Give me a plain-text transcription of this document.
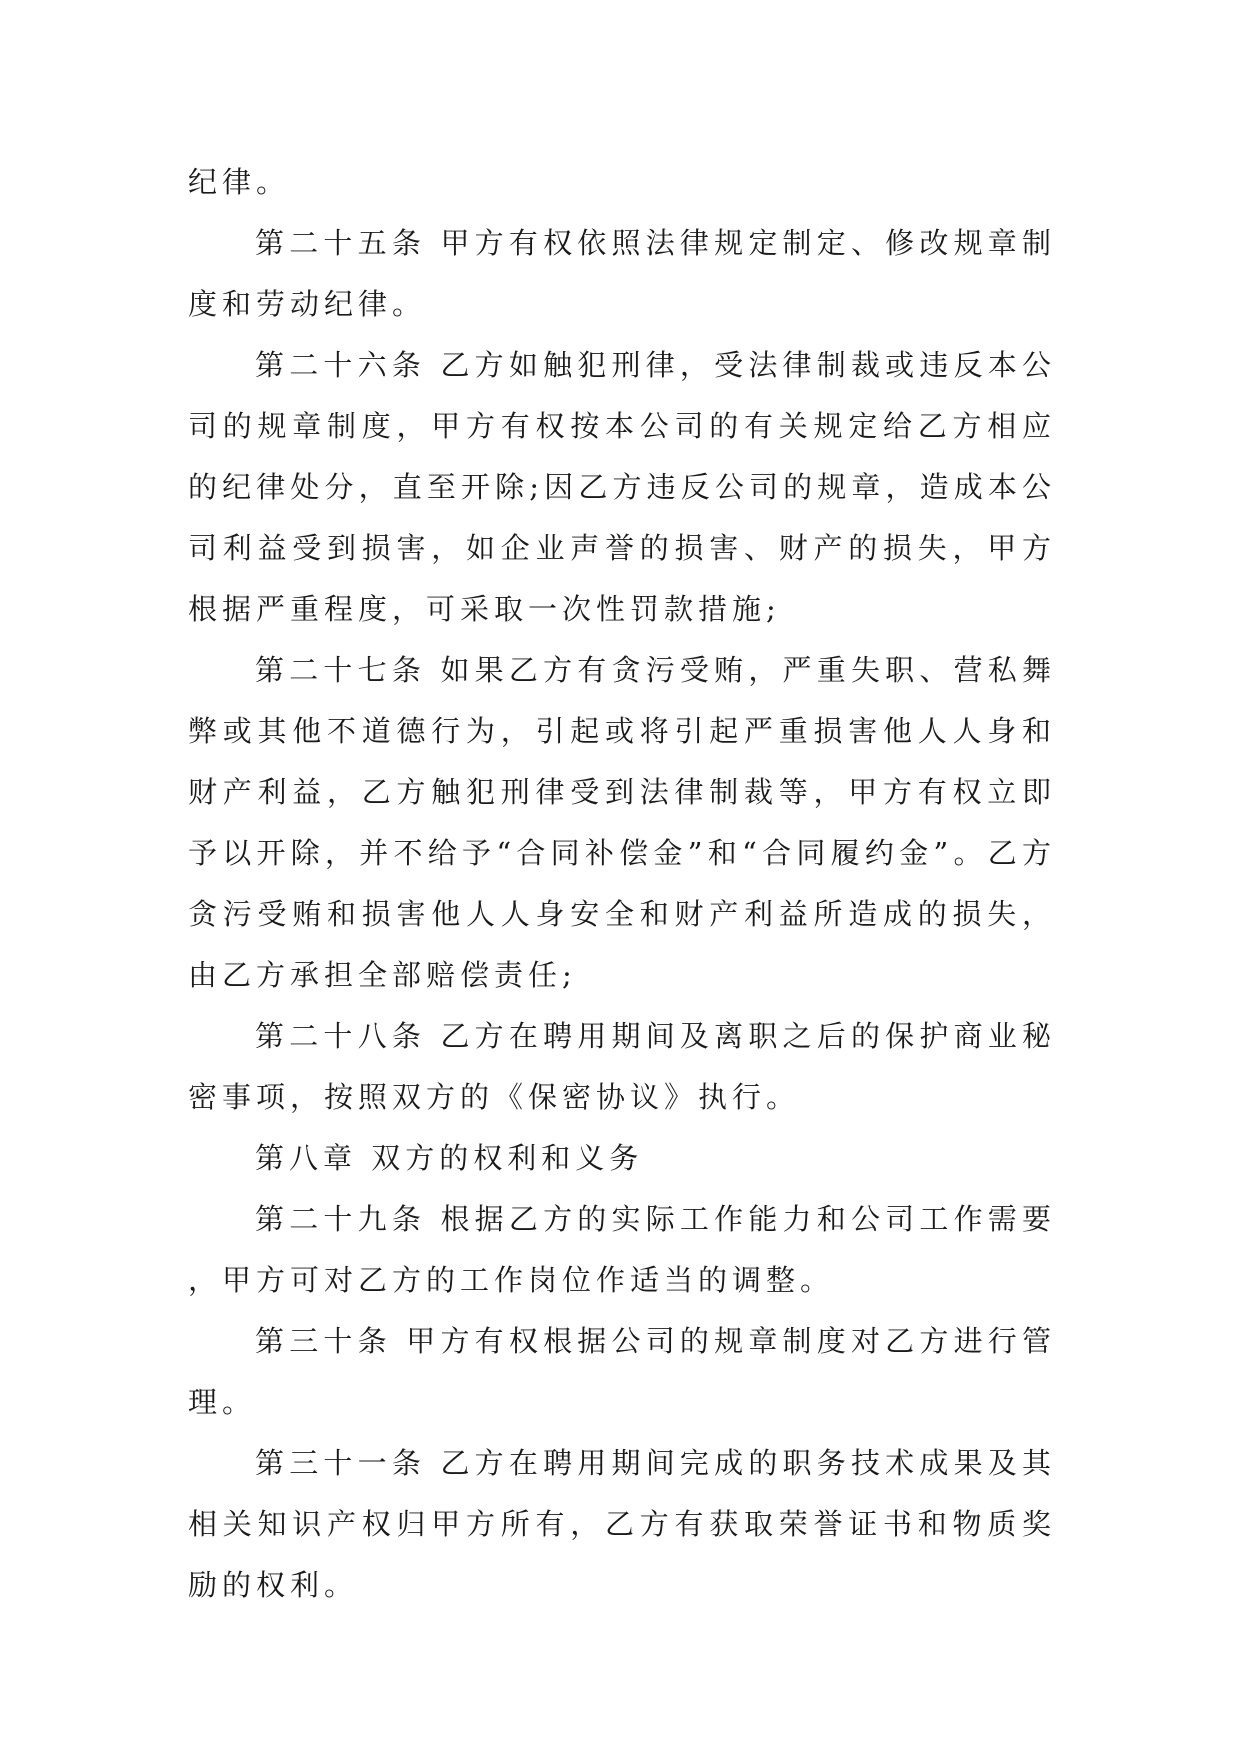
纪律。

第二十五条 甲方有权依照法律规定制定、修改规章制度和劳动纪律。

第二十六条 乙方如触犯刑律，受法律制裁或违反本公司的规章制度，甲方有权按本公司的有关规定给乙方相应的纪律处分，直至开除;因乙方违反公司的规章，造成本公司利益受到损害，如企业声誉的损害、财产的损失，甲方根据严重程度，可采取一次性罚款措施;

第二十七条 如果乙方有贪污受贿，严重失职、营私舞弊或其他不道德行为，引起或将引起严重损害他人人身和财产利益，乙方触犯刑律受到法律制裁等，甲方有权立即予以开除，并不给予“合同补偿金”和“合同履约金”。乙方贪污受贿和损害他人人身安全和财产利益所造成的损失，由乙方承担全部赔偿责任;

第二十八条 乙方在聘用期间及离职之后的保护商业秘密事项，按照双方的《保密协议》执行。

第八章 双方的权利和义务

第二十九条 根据乙方的实际工作能力和公司工作需要，甲方可对乙方的工作岗位作适当的调整。

第三十条 甲方有权根据公司的规章制度对乙方进行管理。

第三十一条 乙方在聘用期间完成的职务技术成果及其相关知识产权归甲方所有，乙方有获取荣誉证书和物质奖励的权利。
